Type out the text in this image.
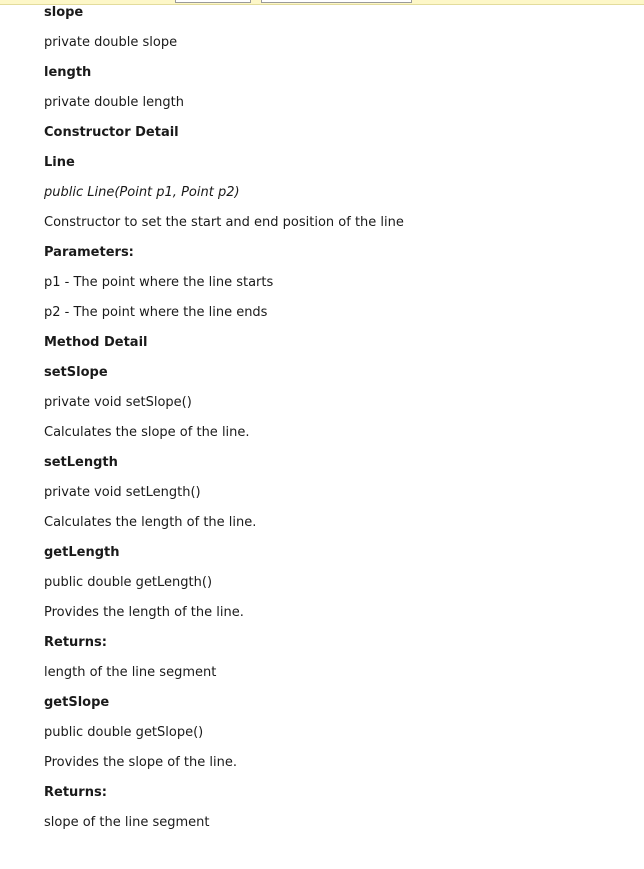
slope
private double slope
length
private double length
Constructor Detail
Line
public Line(Point p1, Point p2)
Constructor to set the start and end position of the line
Parameters:
p1 - The point where the line starts
p2 - The point where the line ends
Method Detail
setSlope
private void setSlope()
Calculates the slope of the line.
setLength
private void setLength()
Calculates the length of the line.
getLength
public double getLength()
Provides the length of the line.
Returns:
length of the line segment
getSlope
public double getSlope()
Provides the slope of the line.
Returns:
slope of the line segment
